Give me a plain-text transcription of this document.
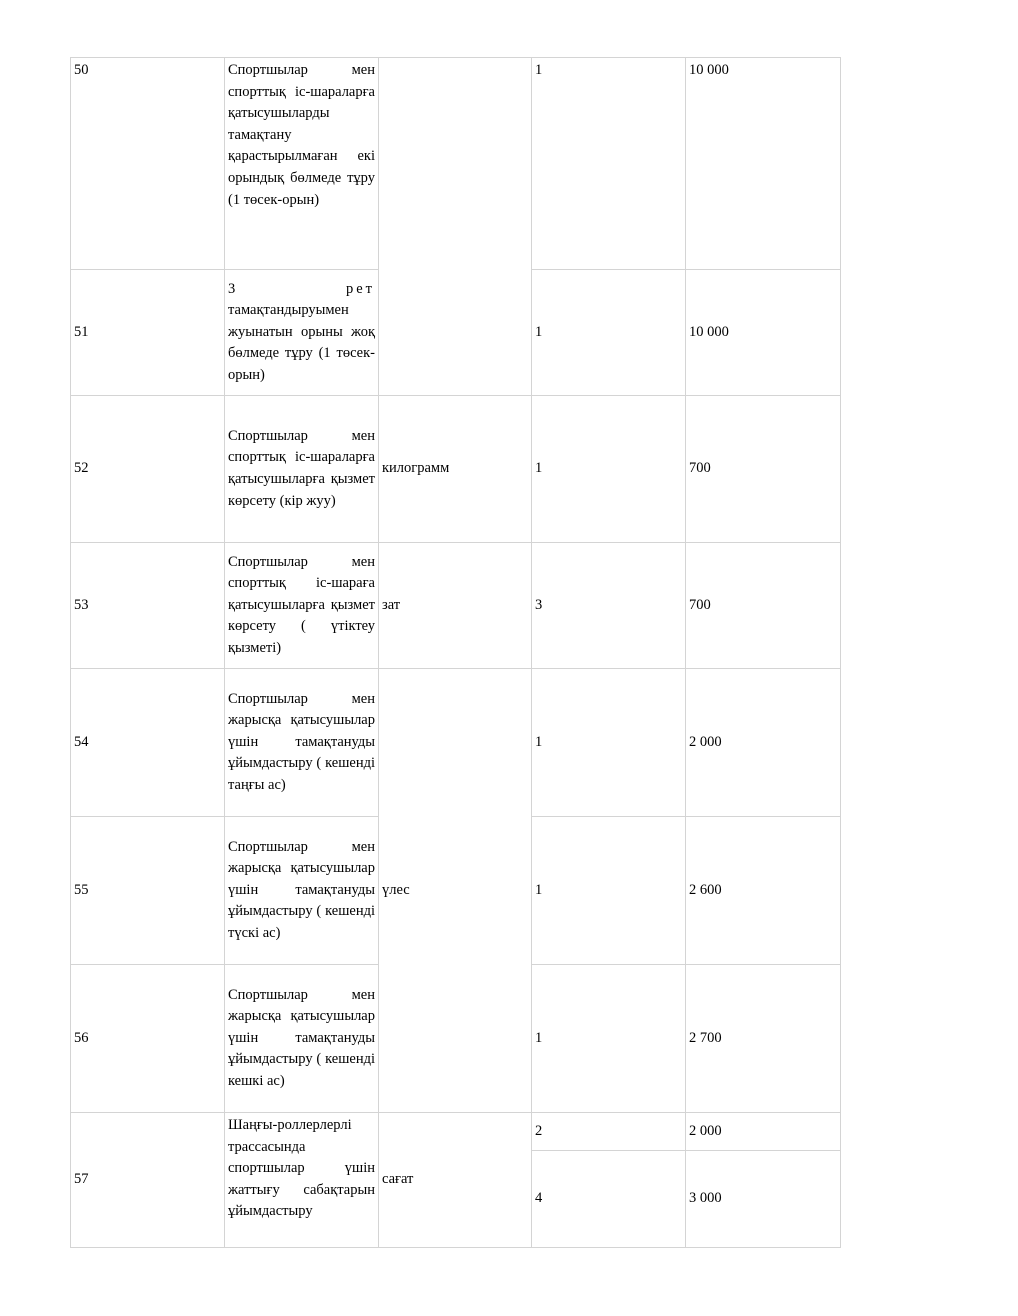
50	Спортшылар мен спорттық іс-шараларға қатысушыларды тамақтану қарастырылмаған екі орындық бөлмеде тұру (1 төсек-орын)		1	10 000
51	3 рет тамақтандыруымен жуынатын орыны жоқ бөлмеде тұру (1 төсек-орын)		1	10 000
52	Спортшылар мен спорттық іс-шараларға қатысушыларға қызмет көрсету (кір жуу)	килограмм	1	700
53	Спортшылар мен спорттық іс-шараға қатысушыларға қызмет көрсету ( үтіктеу қызметі)	зат	3	700
54	Спортшылар мен жарысқа қатысушылар үшін тамақтануды ұйымдастыру ( кешенді таңғы ас)	үлес	1	2 000
55	Спортшылар мен жарысқа қатысушылар үшін тамақтануды ұйымдастыру ( кешенді түскі ас)		1	2 600
56	Спортшылар мен жарысқа қатысушылар үшін тамақтануды ұйымдастыру ( кешенді кешкі ас)		1	2 700
57	Шаңғы-роллерлерлі трассасында спортшылар үшін жаттығу сабақтарын ұйымдастыру	сағат	2	2 000
			4	3 000
